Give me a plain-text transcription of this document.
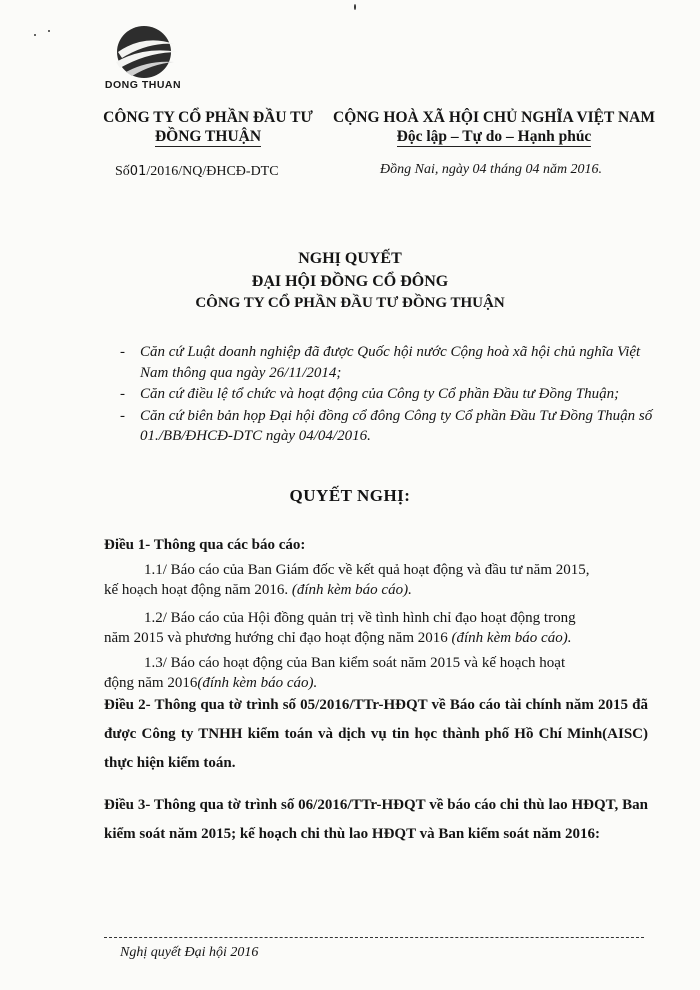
DONG THUAN
CÔNG TY CỔ PHẦN ĐẦU TƯ
ĐỒNG THUẬN
CỘNG HOÀ XÃ HỘI CHỦ NGHĨA VIỆT NAM
Độc lập – Tự do – Hạnh phúc
Số01/2016/NQ/ĐHCĐ-DTC	Đồng Nai, ngày 04 tháng 04 năm 2016.
NGHỊ QUYẾT
ĐẠI HỘI ĐỒNG CỔ ĐÔNG
CÔNG TY CỔ PHẦN ĐẦU TƯ ĐỒNG THUẬN
- Căn cứ Luật doanh nghiệp đã được Quốc hội nước Cộng hoà xã hội chủ nghĩa Việt Nam thông qua ngày 26/11/2014;
- Căn cứ điều lệ tổ chức và hoạt động của Công ty Cổ phần Đầu tư Đồng Thuận;
- Căn cứ biên bản họp Đại hội đồng cổ đông Công ty Cổ phần Đầu Tư Đồng Thuận số 01./BB/ĐHCĐ-DTC ngày 04/04/2016.
QUYẾT NGHỊ:
Điều 1- Thông qua các báo cáo:
1.1/ Báo cáo của Ban Giám đốc về kết quả hoạt động và đầu tư năm 2015,
kế hoạch hoạt động năm 2016. (đính kèm báo cáo).
1.2/ Báo cáo của Hội đồng quản trị về tình hình chỉ đạo hoạt động trong
năm 2015 và phương hướng chỉ đạo hoạt động năm 2016 (đính kèm báo cáo).
1.3/ Báo cáo hoạt động của Ban kiểm soát năm 2015 và kế hoạch hoạt
động năm 2016(đính kèm báo cáo).
Điều 2- Thông qua tờ trình số 05/2016/TTr-HĐQT về Báo cáo tài chính năm 2015 đã được Công ty TNHH kiểm toán và dịch vụ tin học thành phố Hồ Chí Minh(AISC) thực hiện kiểm toán.
Điều 3- Thông qua tờ trình số 06/2016/TTr-HĐQT về báo cáo chi thù lao HĐQT, Ban kiểm soát năm 2015; kế hoạch chi thù lao HĐQT và Ban kiểm soát năm 2016:
Nghị quyết Đại hội 2016
